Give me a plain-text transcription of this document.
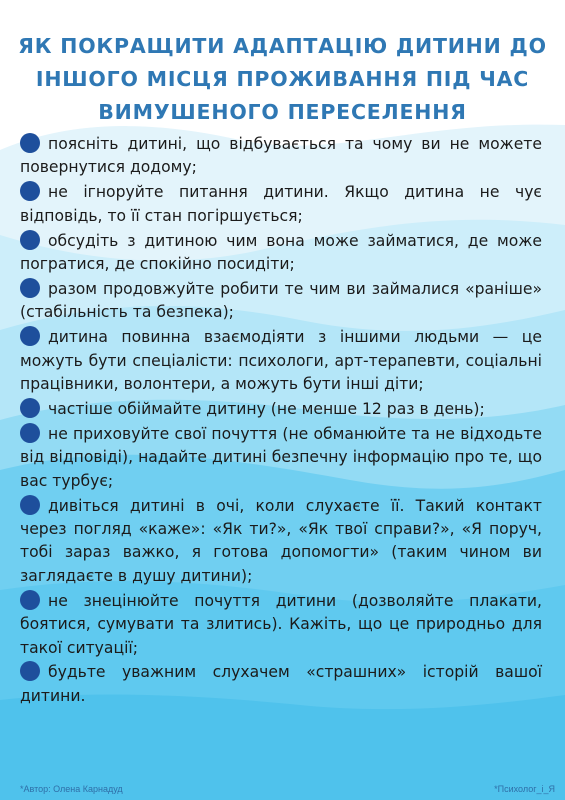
ЯК ПОКРАЩИТИ АДАПТАЦІЮ ДИТИНИ ДО
ІНШОГО МІСЦЯ ПРОЖИВАННЯ ПІД ЧАС
ВИМУШЕНОГО ПЕРЕСЕЛЕННЯ
поясніть дитині, що відбувається та чому ви не можете повернутися додому;
не ігноруйте питання дитини. Якщо дитина не чує відповідь, то її стан погіршується;
обсудіть з дитиною чим вона може займатися, де може погратися, де спокійно посидіти;
разом продовжуйте робити те чим ви займалися «раніше» (стабільність та безпека);
дитина повинна взаємодіяти з іншими людьми — це можуть бути спеціалісти: психологи, арт-терапевти, соціальні працівники, волонтери, а можуть бути інші діти;
частіше обіймайте дитину (не менше 12 раз в день);
не приховуйте свої почуття (не обманюйте та не відходьте від відповіді), надайте дитині безпечну інформацію про те, що вас турбує;
дивіться дитині в очі, коли слухаєте її. Такий контакт через погляд «каже»: «Як ти?», «Як твої справи?», «Я поруч, тобі зараз важко, я готова допомогти» (таким чином ви заглядаєте в душу дитини);
не знецінюйте почуття дитини (дозволяйте плакати, боятися, сумувати та злитись). Кажіть, що це природньо для такої ситуації;
будьте уважним слухачем «страшних» історій вашої дитини.
*Автор: Олена Карнадуд	*Психолог_і_Я
